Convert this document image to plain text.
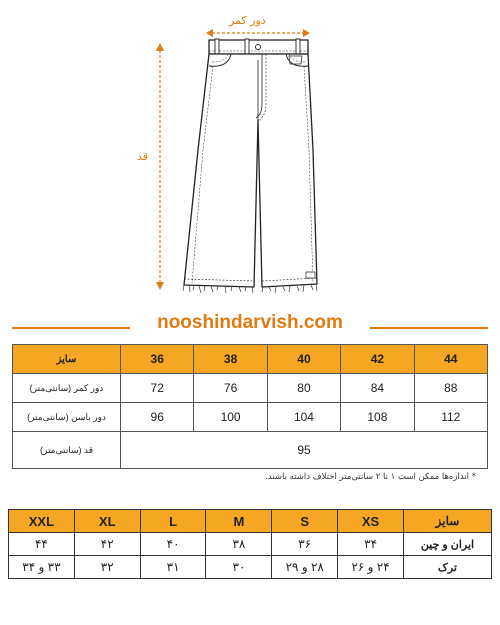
دور کمر
قد
nooshindarvish.com
سایز	36	38	40	42	44
دور کمر (سانتی‌متر)	72	76	80	84	88
دور باسن (سانتی‌متر)	96	100	104	108	112
قد (سانتی‌متر)	95				
* اندازه‌ها ممکن است ۱ تا ۲ سانتی‌متر اختلاف داشته باشند.
XXL	XL	L	M	S	XS	سایز
۴۴	۴۲	۴۰	۳۸	۳۶	۳۴	ایران و چین
۳۳ و ۳۴	۳۲	۳۱	۳۰	۲۸ و ۲۹	۲۴ و ۲۶	ترک
